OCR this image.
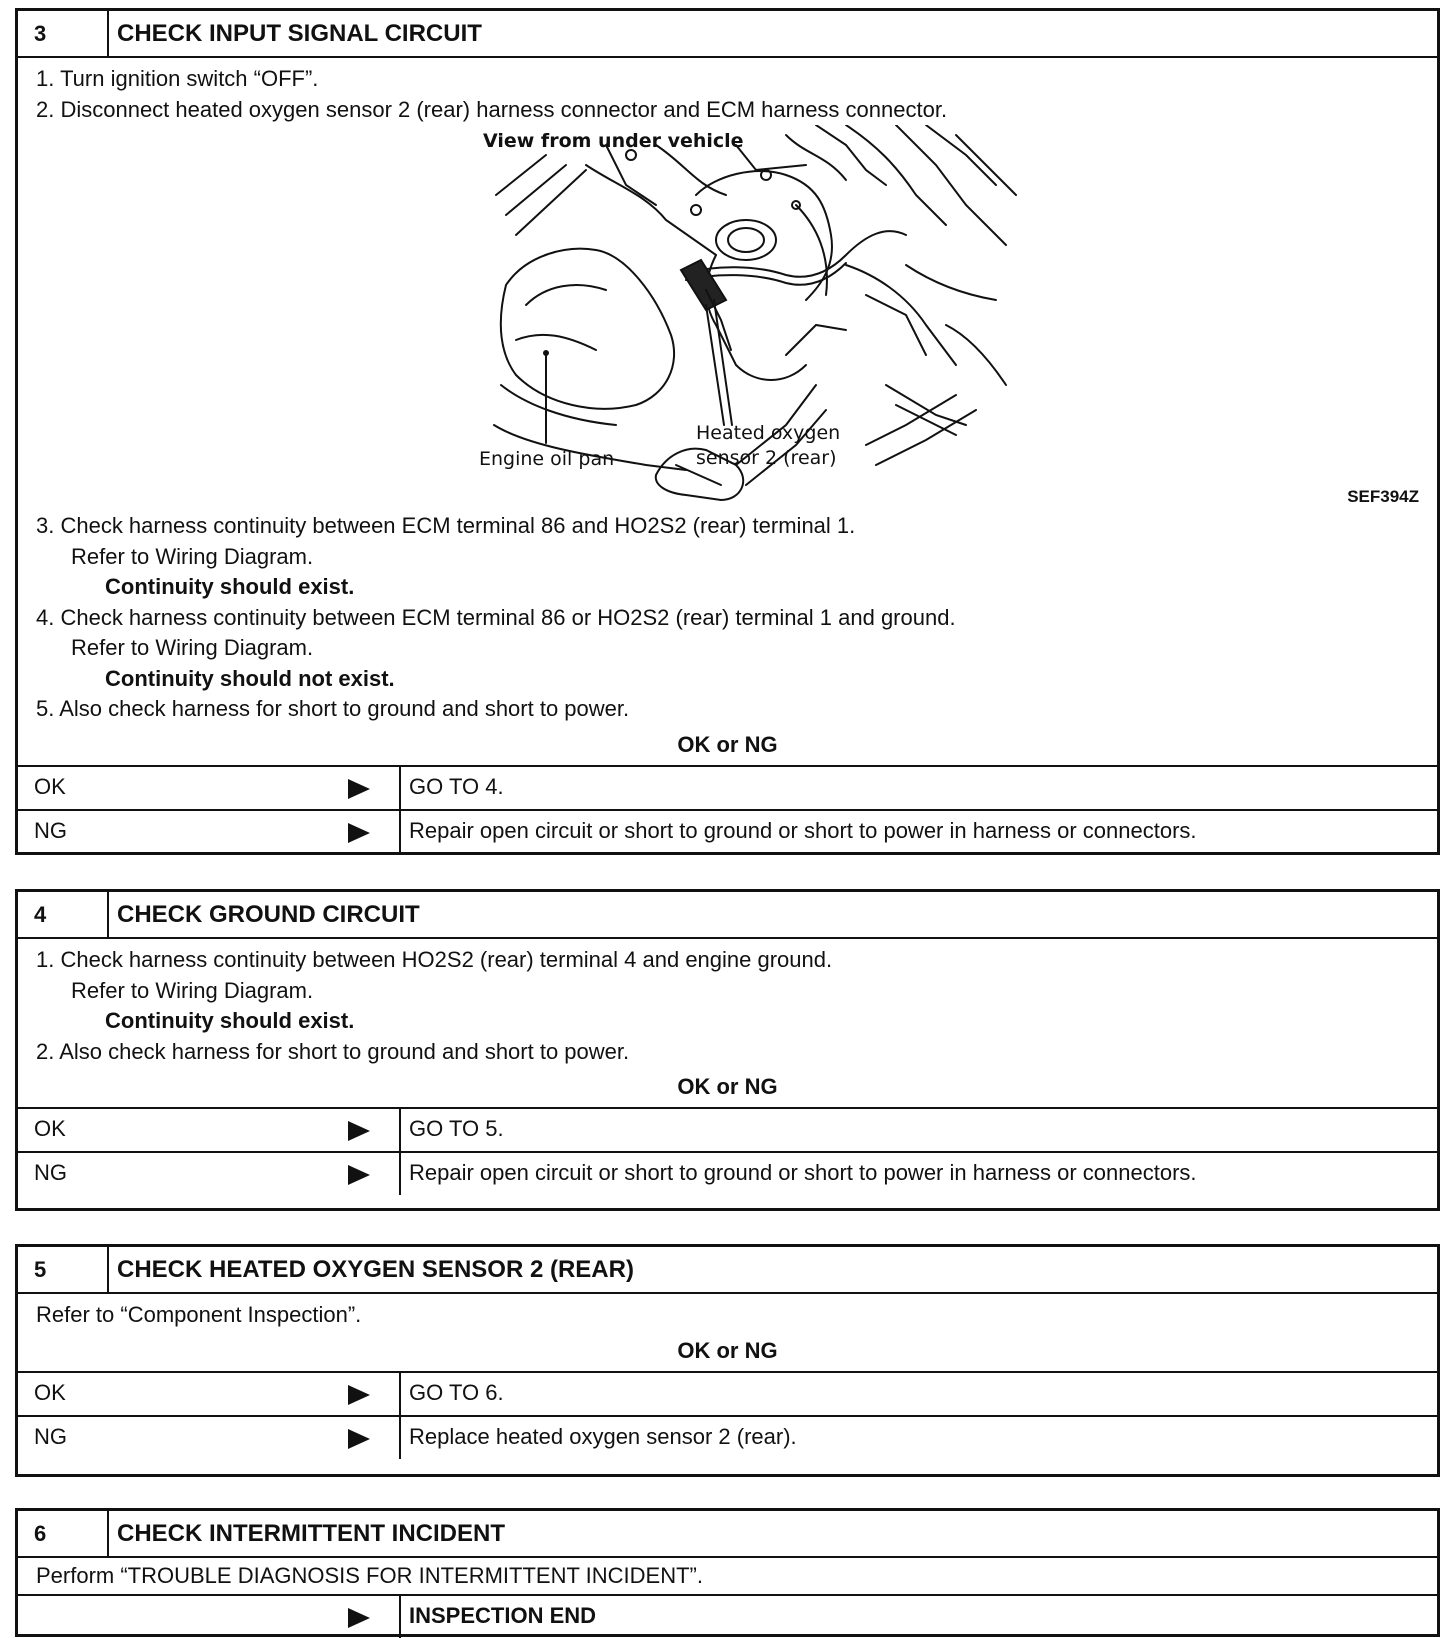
3	CHECK INPUT SIGNAL CIRCUIT
1. Turn ignition switch “OFF”.
2. Disconnect heated oxygen sensor 2 (rear) harness connector and ECM harness connector.
View from under vehicle
Engine oil pan
Heated oxygen
sensor 2 (rear)
SEF394Z
3. Check harness continuity between ECM terminal 86 and HO2S2 (rear) terminal 1.
Refer to Wiring Diagram.
Continuity should exist.
4. Check harness continuity between ECM terminal 86 or HO2S2 (rear) terminal 1 and ground.
Refer to Wiring Diagram.
Continuity should not exist.
5. Also check harness for short to ground and short to power.
OK or NG
OK	GO TO 4.
NG	Repair open circuit or short to ground or short to power in harness or connectors.
4	CHECK GROUND CIRCUIT
1. Check harness continuity between HO2S2 (rear) terminal 4 and engine ground.
Refer to Wiring Diagram.
Continuity should exist.
2. Also check harness for short to ground and short to power.
OK or NG
OK	GO TO 5.
NG	Repair open circuit or short to ground or short to power in harness or connectors.
5	CHECK HEATED OXYGEN SENSOR 2 (REAR)
Refer to “Component Inspection”.
OK or NG
OK	GO TO 6.
NG	Replace heated oxygen sensor 2 (rear).
6	CHECK INTERMITTENT INCIDENT
Perform “TROUBLE DIAGNOSIS FOR INTERMITTENT INCIDENT”.
INSPECTION END
